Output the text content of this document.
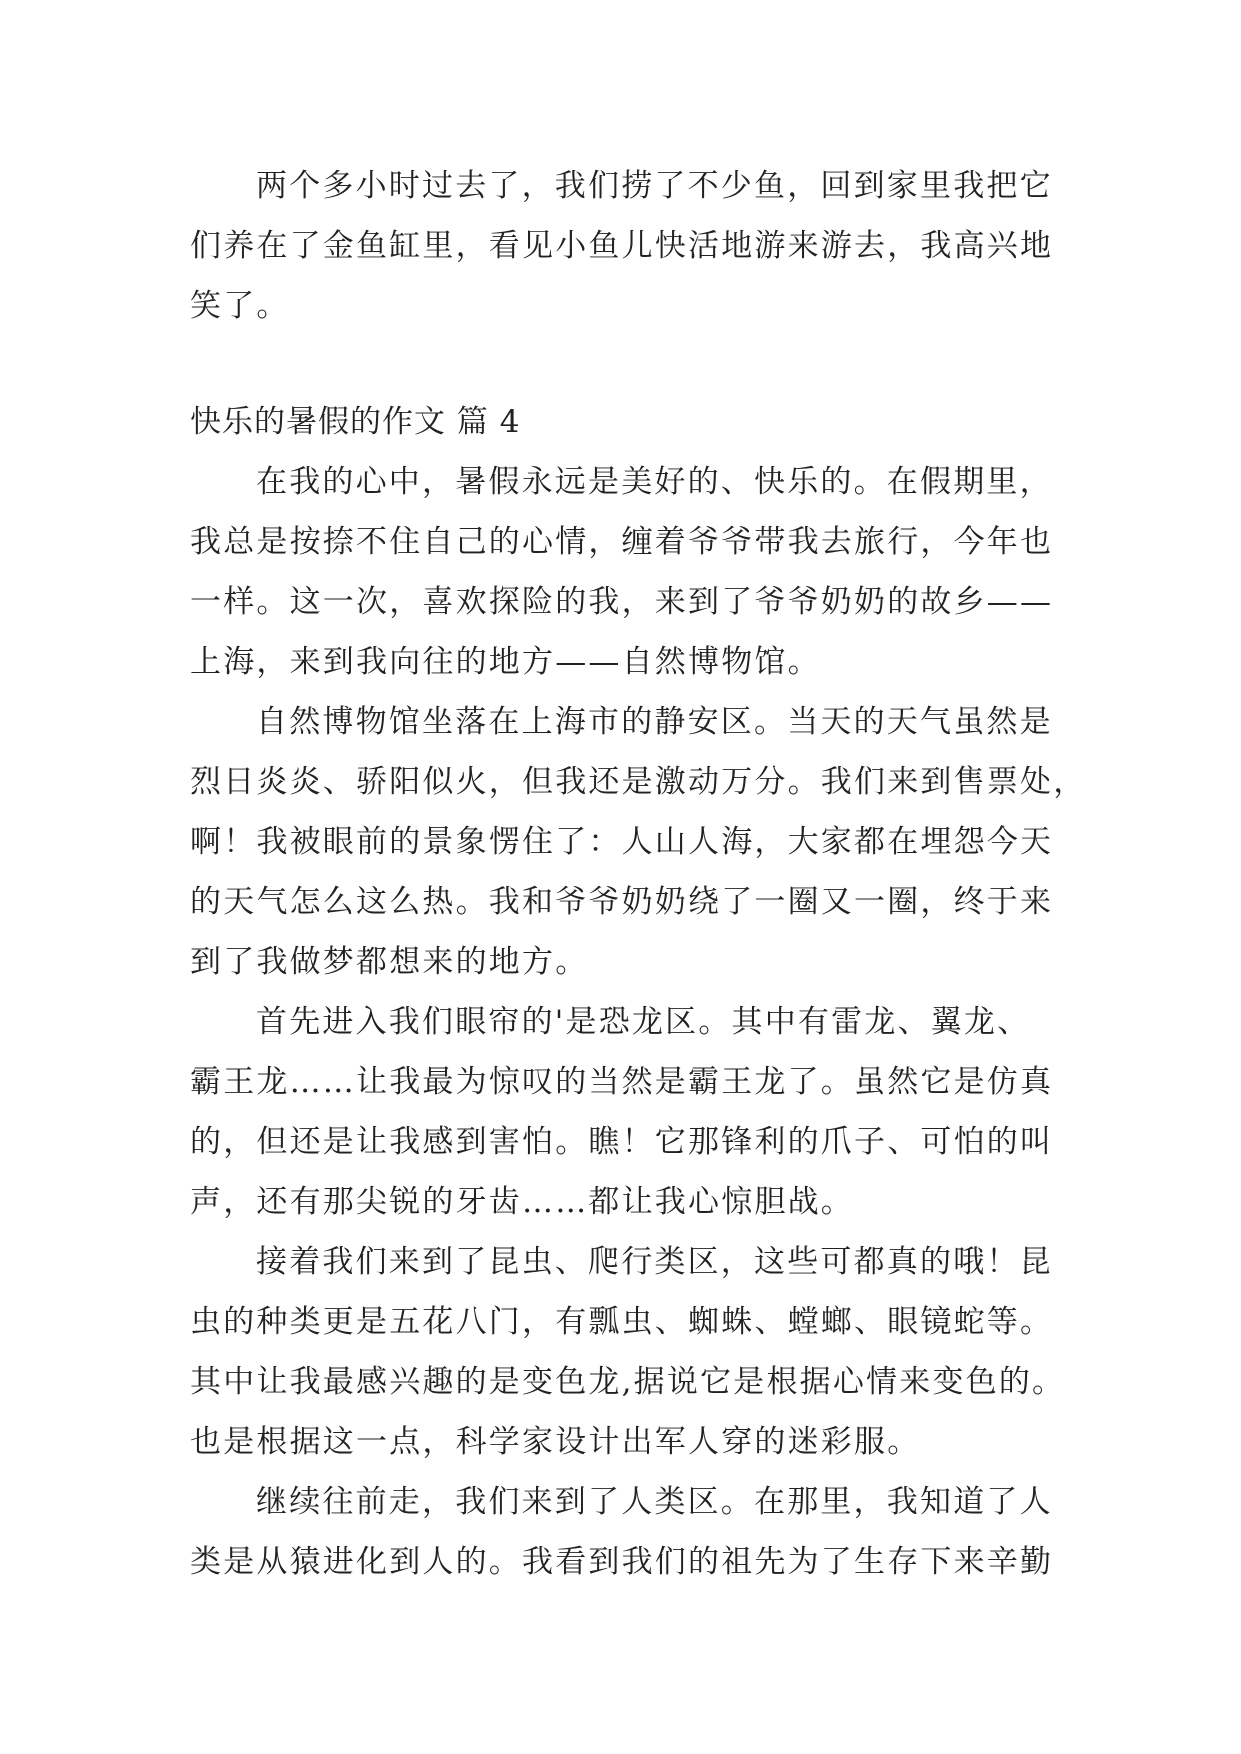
两个多小时过去了，我们捞了不少鱼，回到家里我把它
们养在了金鱼缸里，看见小鱼儿快活地游来游去，我高兴地
笑了。
快乐的暑假的作文 篇 4
在我的心中，暑假永远是美好的、快乐的。在假期里，
我总是按捺不住自己的心情，缠着爷爷带我去旅行，今年也
一样。这一次，喜欢探险的我，来到了爷爷奶奶的故乡——
上海，来到我向往的地方——自然博物馆。
自然博物馆坐落在上海市的静安区。当天的天气虽然是
烈日炎炎、骄阳似火，但我还是激动万分。我们来到售票处，
啊！我被眼前的景象愣住了：人山人海，大家都在埋怨今天
的天气怎么这么热。我和爷爷奶奶绕了一圈又一圈，终于来
到了我做梦都想来的地方。
首先进入我们眼帘的'是恐龙区。其中有雷龙、翼龙、
霸王龙……让我最为惊叹的当然是霸王龙了。虽然它是仿真
的，但还是让我感到害怕。瞧！它那锋利的爪子、可怕的叫
声，还有那尖锐的牙齿……都让我心惊胆战。
接着我们来到了昆虫、爬行类区，这些可都真的哦！昆
虫的种类更是五花八门，有瓢虫、蜘蛛、螳螂、眼镜蛇等。
其中让我最感兴趣的是变色龙,据说它是根据心情来变色的。
也是根据这一点，科学家设计出军人穿的迷彩服。
继续往前走，我们来到了人类区。在那里，我知道了人
类是从猿进化到人的。我看到我们的祖先为了生存下来辛勤
